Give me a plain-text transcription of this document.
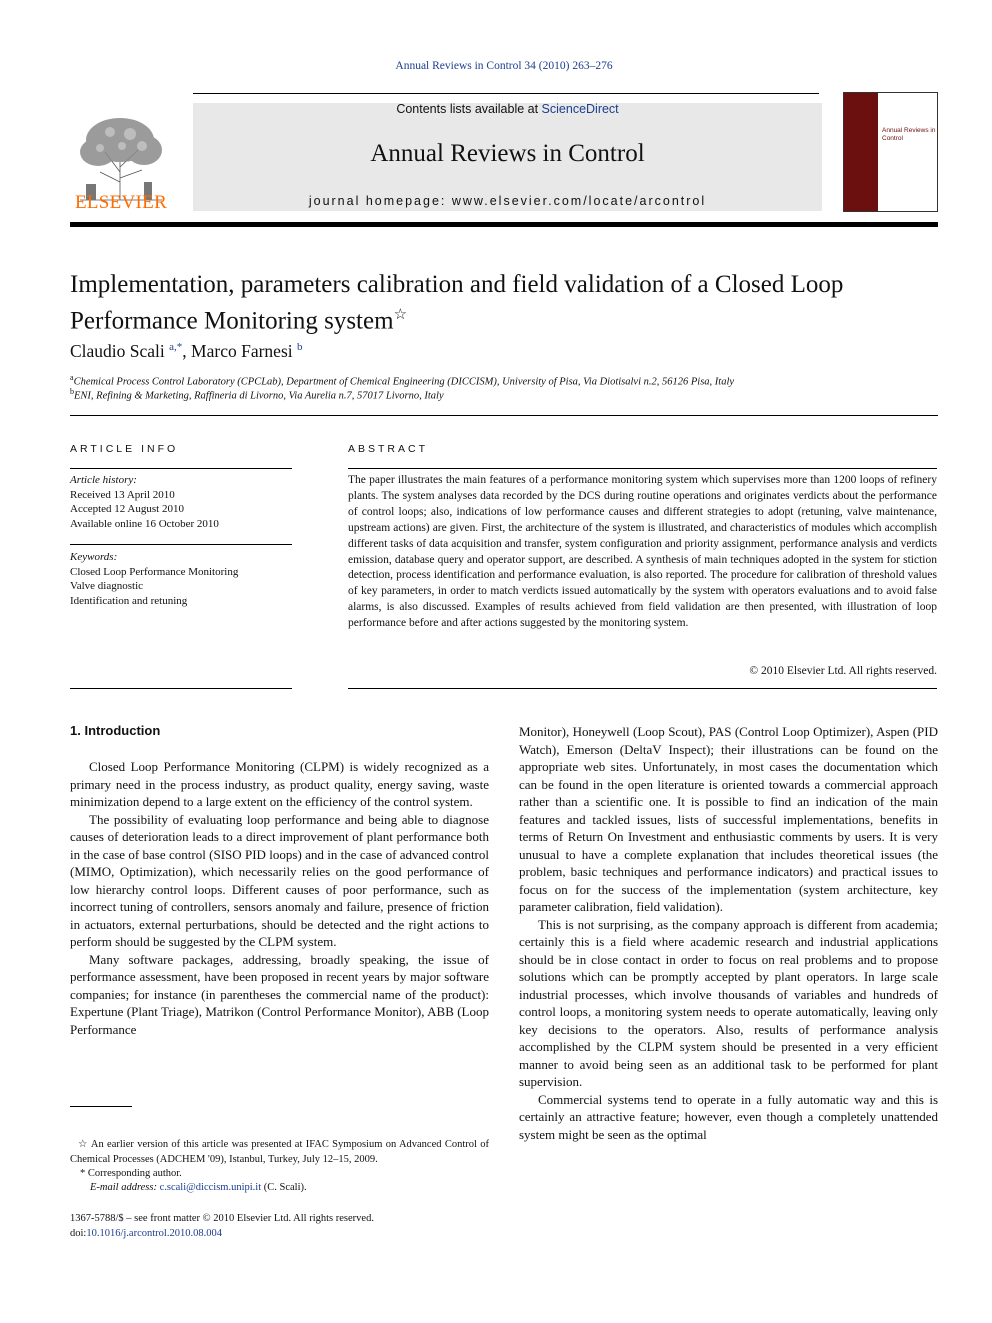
Annual Reviews in Control 34 (2010) 263–276
ELSEVIER
Contents lists available at ScienceDirect
Annual Reviews in Control
journal homepage: www.elsevier.com/locate/arcontrol
Annual Reviews in Control
Implementation, parameters calibration and field validation of a Closed Loop Performance Monitoring system☆
Claudio Scali $^{a,*}$, Marco Farnesi $^b$
$^a$Chemical Process Control Laboratory (CPCLab), Department of Chemical Engineering (DICCISM), University of Pisa, Via Diotisalvi n.2, 56126 Pisa, Italy
$^b$ENI, Refining & Marketing, Raffineria di Livorno, Via Aurelia n.7, 57017 Livorno, Italy
ARTICLE INFO	ABSTRACT
Article history:
Received 13 April 2010
Accepted 12 August 2010
Available online 16 October 2010
Keywords:
Closed Loop Performance Monitoring
Valve diagnostic
Identification and retuning
The paper illustrates the main features of a performance monitoring system which supervises more than 1200 loops of refinery plants. The system analyses data recorded by the DCS during routine operations and originates verdicts about the performance of control loops; also, indications of low performance causes and different strategies to adopt (retuning, valve maintenance, upstream actions) are given. First, the architecture of the system is illustrated, and characteristics of modules which accomplish different tasks of data acquisition and transfer, system configuration and priority assignment, performance analysis and verdicts emission, database query and operator support, are described. A synthesis of main techniques adopted in the system for stiction detection, process identification and performance evaluation, is also reported. The procedure for calibration of threshold values of key parameters, in order to match verdicts issued automatically by the system with operators evaluations and to avoid false alarms, is also discussed. Examples of results achieved from field validation are then presented, with illustration of loop performance before and after actions suggested by the monitoring system.
© 2010 Elsevier Ltd. All rights reserved.
1. Introduction

Closed Loop Performance Monitoring (CLPM) is widely recognized as a primary need in the process industry, as product quality, energy saving, waste minimization depend to a large extent on the efficiency of the control system.

The possibility of evaluating loop performance and being able to diagnose causes of deterioration leads to a direct improvement of plant performance both in the case of base control (SISO PID loops) and in the case of advanced control (MIMO, Optimization), which necessarily relies on the good performance of low hierarchy control loops. Different causes of poor performance, such as incorrect tuning of controllers, sensors anomaly and failure, presence of friction in actuators, external perturbations, should be detected and the right actions to perform should be suggested by the CLPM system.

Many software packages, addressing, broadly speaking, the issue of performance assessment, have been proposed in recent years by major software companies; for instance (in parentheses the commercial name of the product): Expertune (Plant Triage), Matrikon (Control Performance Monitor), ABB (Loop Performance

Monitor), Honeywell (Loop Scout), PAS (Control Loop Optimizer), Aspen (PID Watch), Emerson (DeltaV Inspect); their illustrations can be found on the appropriate web sites. Unfortunately, in most cases the documentation which can be found in the open literature is oriented towards a commercial approach rather than a scientific one. It is possible to find an indication of the main features and tackled issues, lists of successful implementations, benefits in terms of Return On Investment and enthusiastic comments by users. It is very unusual to have a complete explanation that includes theoretical issues (the problem, basic techniques and performance indicators) and practical issues to focus on for the success of the implementation (system architecture, key parameter calibration, field validation).

This is not surprising, as the company approach is different from academia; certainly this is a field where academic research and industrial applications should be in close contact in order to focus on real problems and to propose solutions which can be promptly accepted by plant operators. In large scale industrial processes, which involve thousands of variables and hundreds of control loops, a monitoring system needs to operate automatically, leaving only key decisions to the operators. Also, results of performance analysis accomplished by the CLPM system should be presented in a very efficient manner to avoid being seen as an additional task to be performed for plant supervision.

Commercial systems tend to operate in a fully automatic way and this is certainly an attractive feature; however, even though a completely unattended system might be seen as the optimal

☆ An earlier version of this article was presented at IFAC Symposium on Advanced Control of Chemical Processes (ADCHEM '09), Istanbul, Turkey, July 12–15, 2009.
* Corresponding author.
E-mail address: c.scali@diccism.unipi.it (C. Scali).
1367-5788/$ – see front matter © 2010 Elsevier Ltd. All rights reserved.
doi:10.1016/j.arcontrol.2010.08.004
